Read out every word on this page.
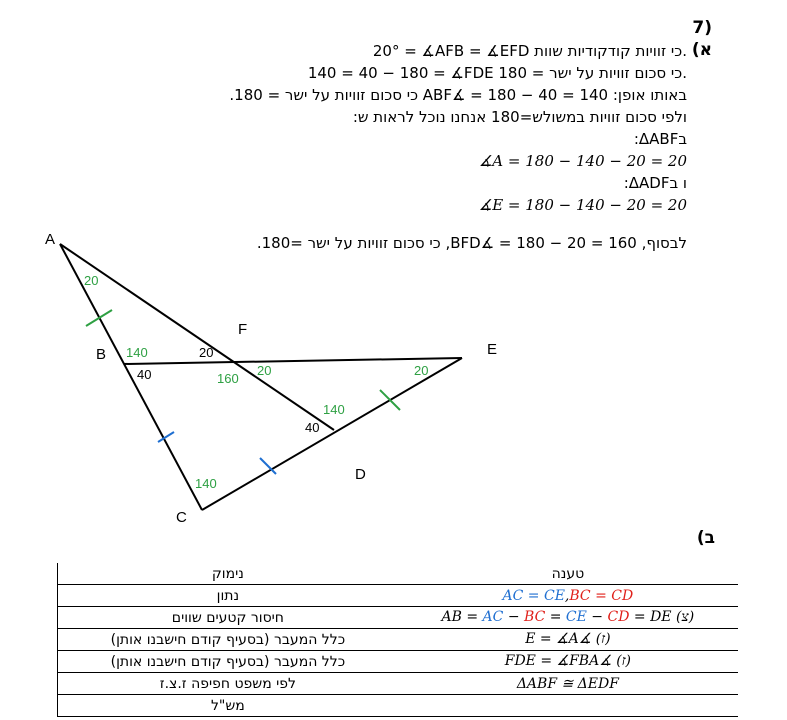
7)
א)
20° = ∡AFB = ∡EFD כי זוויות קודקודיות שוות.
140 = 40 − 180 = ∡FDE כי סכום זוויות על ישר = 180.
באותו אופן: 140 = 40 − 180 = ∡ABF כי סכום זוויות על ישר = 180.
ולפי סכום זוויות במשולש=180 אנחנו נוכל לראות ש:
בΔABF:
∡A = 180 − 140 − 20 = 20
ו בΔADF:
∡E = 180 − 140 − 20 = 20
לבסוף, 160 = 20 − 180 = ∡BFD, כי סכום זוויות על ישר =180.
A
B
C
D
E
F
20
140
40
20
160
20	20
140
40
140
ב)
נימוק	טענה
נתון	AC = CE,BC = CD
חיסור קטעים שווים	(צ) AB = AC − BC = CE − CD = DE
כלל המעבר (בסעיף קודם חישבנו אותן)	(ז) ∡E = ∡A
כלל המעבר (בסעיף קודם חישבנו אותן)	(ז) ∡FDE = ∡FBA
לפי משפט חפיפה ז.צ.ז	ΔABF ≅ ΔEDF
מש"ל	
